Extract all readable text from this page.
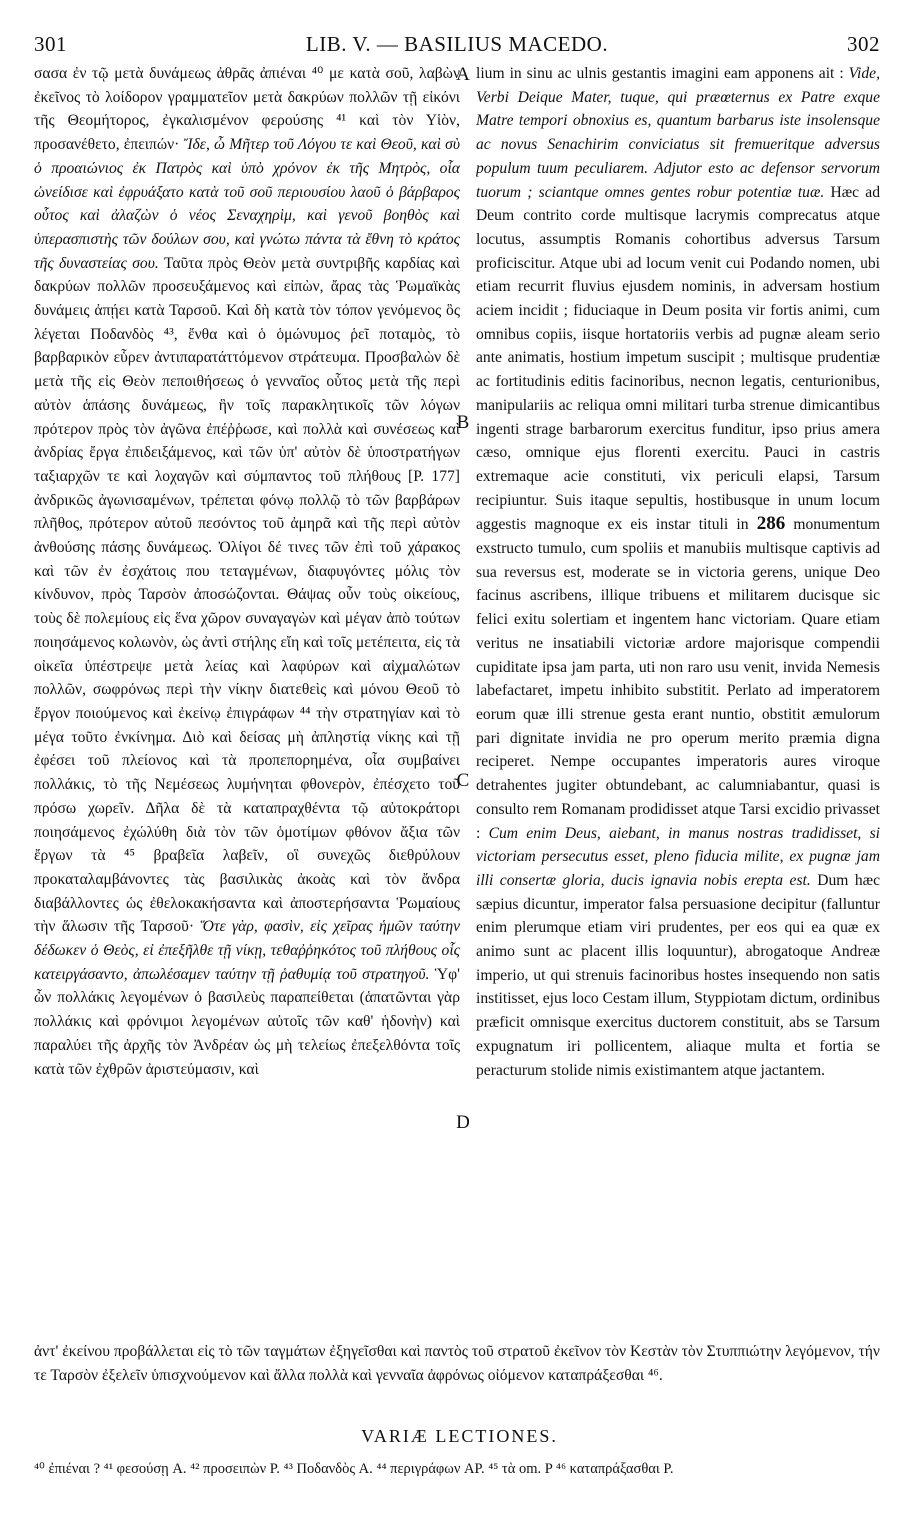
301	LIB. V. — BASILIUS MACEDO.	302

σασα ἐν τῷ μετὰ δυνάμεως ἀθρᾶς ἀπιέναι ⁴⁰ με κατὰ σοῦ, λαβὼν ἐκεῖνος τὸ λοίδορον γραμματεῖον μετὰ δακρύων πολλῶν τῇ εἰκόνι τῆς Θεομήτορος, ἐγκαλισμένον φερούσης ⁴¹ καὶ τὸν Υἱὸν, προσανέθετο, ἐπειπών· Ἴδε, ὦ Μῆτερ τοῦ Λόγου τε καὶ Θεοῦ, καὶ σὺ ὁ προαιώνιος ἐκ Πατρὸς καὶ ὑπὸ χρόνον ἐκ τῆς Μητρὸς, οἷα ὠνείδισε καὶ ἐφρυάξατο κατὰ τοῦ σοῦ περιουσίου λαοῦ ὁ βάρβαρος οὗτος καὶ ἀλαζὼν ὁ νέος Σεναχηρὶμ, καὶ γενοῦ βοηθὸς καὶ ὑπερασπιστὴς τῶν δούλων σου, καὶ γνώτω πάντα τὰ ἔθνη τὸ κράτος τῆς δυναστείας σου. Ταῦτα πρὸς Θεὸν μετὰ συντριβῆς καρδίας καὶ δακρύων πολλῶν προσευξάμενος καὶ εἰπὼν, ἄρας τὰς Ῥωμαϊκὰς δυνάμεις ἀπῄει κατὰ Ταρσοῦ. Καὶ δὴ κατὰ τὸν τόπον γενόμενος ὃς λέγεται Ποδανδὸς ⁴³, ἔνθα καὶ ὁ ὁμώνυμος ῥεῖ ποταμὸς, τὸ βαρβαρικὸν εὗρεν ἀντιπαρατάττόμενον στράτευμα. Προσβαλὼν δὲ μετὰ τῆς εἰς Θεὸν πεποιθήσεως ὁ γενναῖος οὗτος μετὰ τῆς περὶ αὐτὸν ἁπάσης δυνάμεως, ἣν τοῖς παρακλητικοῖς τῶν λόγων πρότερον πρὸς τὸν ἀγῶνα ἐπέῤῥωσε, καὶ πολλὰ καὶ συνέσεως καὶ ἀνδρίας ἔργα ἐπιδειξάμενος, καὶ τῶν ὑπ' αὐτὸν δὲ ὑποστρατήγων ταξιαρχῶν τε καὶ λοχαγῶν καὶ σύμπαντος τοῦ πλήθους [P. 177] ἀνδρικῶς ἀγωνισαμένων, τρέπεται φόνῳ πολλῷ τὸ τῶν βαρβάρων πλῆθος, πρότερον αὐτοῦ πεσόντος τοῦ ἀμηρᾶ καὶ τῆς περὶ αὐτὸν ἀνθούσης πάσης δυνάμεως. Ὀλίγοι δέ τινες τῶν ἐπὶ τοῦ χάρακος καὶ τῶν ἐν ἐσχάτοις που τεταγμένων, διαφυγόντες μόλις τὸν κίνδυνον, πρὸς Ταρσὸν ἀποσώζονται. Θάψας οὖν τοὺς οἰκείους, τοὺς δὲ πολεμίους εἰς ἕνα χῶρον συναγαγὼν καὶ μέγαν ἀπὸ τούτων ποιησάμενος κολωνὸν, ὡς ἀντὶ στήλης εἴη καὶ τοῖς μετέπειτα, εἰς τὰ οἰκεῖα ὑπέστρεψε μετὰ λείας καὶ λαφύρων καὶ αἰχμαλώτων πολλῶν, σωφρόνως περὶ τὴν νίκην διατεθεὶς καὶ μόνου Θεοῦ τὸ ἔργον ποιούμενος καὶ ἐκείνῳ ἐπιγράφων ⁴⁴ τὴν στρατηγίαν καὶ τὸ μέγα τοῦτο ἐνκίνημα. Διὸ καὶ δείσας μὴ ἀπληστίᾳ νίκης καὶ τῇ ἐφέσει τοῦ πλείονος καὶ τὰ προπεπορημένα, οἷα συμβαίνει πολλάκις, τὸ τῆς Νεμέσεως λυμήνηται φθονερὸν, ἐπέσχετο τοῦ πρόσω χωρεῖν. Δῆλα δὲ τὰ καταπραχθέντα τῷ αὐτοκράτορι ποιησάμενος ἐχώλύθη διὰ τὸν τῶν ὁμοτίμων φθόνον ἄξια τῶν ἔργων τὰ ⁴⁵ βραβεῖα λαβεῖν, οἳ συνεχῶς διεθρύλουν προκαταλαμβάνοντες τὰς βασιλικὰς ἀκοὰς καὶ τὸν ἄνδρα διαβάλλοντες ὡς ἐθελοκακήσαντα καὶ ἀποστερήσαντα Ῥωμαίους τὴν ἅλωσιν τῆς Ταρσοῦ· Ὅτε γὰρ, φασὶν, εἰς χεῖρας ἡμῶν ταύτην δέδωκεν ὁ Θεὸς, εἰ ἐπεξῆλθε τῇ νίκῃ, τεθαῤῥηκότος τοῦ πλήθους οἷς κατειργάσαντο, ἀπωλέσαμεν ταύτην τῇ ῥαθυμίᾳ τοῦ στρατηγοῦ. Ὑφ' ὧν πολλάκις λεγομένων ὁ βασιλεὺς παραπείθεται (ἁπατῶνται γὰρ πολλάκις καὶ φρόνιμοι λεγομένων αὐτοῖς τῶν καθ' ἡδονὴν) καὶ παραλύει τῆς ἀρχῆς τὸν Ἀνδρέαν ὡς μὴ τελείως ἐπεξελθόντα τοῖς κατὰ τῶν ἐχθρῶν ἀριστεύμασιν, καὶ

A
B
C
D

lium in sinu ac ulnis gestantis imagini eam apponens ait : Vide, Verbi Deique Mater, tuque, qui præœternus ex Patre exque Matre tempori obnoxius es, quantum barbarus iste insolensque ac novus Senachirim conviciatus sit fremueritque adversus populum tuum peculiarem. Adjutor esto ac defensor servorum tuorum ; sciantque omnes gentes robur potentiæ tuæ. Hæc ad Deum contrito corde multisque lacrymis comprecatus atque locutus, assumptis Romanis cohortibus adversus Tarsum proficiscitur. Atque ubi ad locum venit cui Podando nomen, ubi etiam recurrit fluvius ejusdem nominis, in adversam hostium aciem incidit ; fiduciaque in Deum posita vir fortis animi, cum omnibus copiis, iisque hortatoriis verbis ad pugnæ aleam serio ante animatis, hostium impetum suscipit ; multisque prudentiæ ac fortitudinis editis facinoribus, necnon legatis, centurionibus, manipulariis ac reliqua omni militari turba strenue dimicantibus ingenti strage barbarorum exercitus funditur, ipso prius amera cæso, omnique ejus florenti exercitu. Pauci in castris extremaque acie constituti, vix periculi elapsi, Tarsum recipiuntur. Suis itaque sepultis, hostibusque in unum locum aggestis magnoque ex eis instar tituli in 286 monumentum exstructo tumulo, cum spoliis et manubiis multisque captivis ad sua reversus est, moderate se in victoria gerens, unique Deo facinus ascribens, illique tribuens et militarem ducisque sic felici exitu solertiam et ingentem hanc victoriam. Quare etiam veritus ne insatiabili victoriæ ardore majorisque compendii cupiditate ipsa jam parta, uti non raro usu venit, invida Nemesis labefactaret, impetu inhibito substitit. Perlato ad imperatorem eorum quæ illi strenue gesta erant nuntio, obstitit æmulorum pari dignitate invidia ne pro operum merito præmia digna reciperet. Nempe occupantes imperatoris aures viroque detrahentes jugiter obtundebant, ac calumniabantur, quasi is consulto rem Romanam prodidisset atque Tarsi excidio privasset : Cum enim Deus, aiebant, in manus nostras tradidisset, si victoriam persecutus esset, pleno fiducia milite, ex pugnæ jam illi consertæ gloria, ducis ignavia nobis erepta est. Dum hæc sæpius dicuntur, imperator falsa persuasione decipitur (falluntur enim plerumque etiam viri prudentes, per eos qui ea quæ ex animo sunt ac placent illis loquuntur), abrogatoque Andreæ imperio, ut qui strenuis facinoribus hostes insequendo non satis institisset, ejus loco Cestam illum, Styppiotam dictum, ordinibus præficit omnisque exercitus ductorem constituit, abs se Tarsum expugnatum iri pollicentem, aliaque multa et fortia se peracturum stolide nimis existimantem atque jactantem.

ἀντ' ἐκείνου προβάλλεται εἰς τὸ τῶν ταγμάτων ἐξηγεῖσθαι καὶ παντὸς τοῦ στρατοῦ ἐκεῖνον τὸν Κεστὰν τὸν Στυππιώτην λεγόμενον, τήν τε Ταρσὸν ἐξελεῖν ὑπισχνούμενον καὶ ἄλλα πολλὰ καὶ γενναῖα ἀφρόνως οἰόμενον καταπράξεσθαι ⁴⁶.

VARIÆ LECTIONES.

⁴⁰ ἐπιέναι ? ⁴¹ φεσούσῃ A. ⁴² προσειπὼν P. ⁴³ Ποδανδὸς A. ⁴⁴ περιγράφων AP. ⁴⁵ τὰ om. P ⁴⁶ καταπράξασθαι P.
